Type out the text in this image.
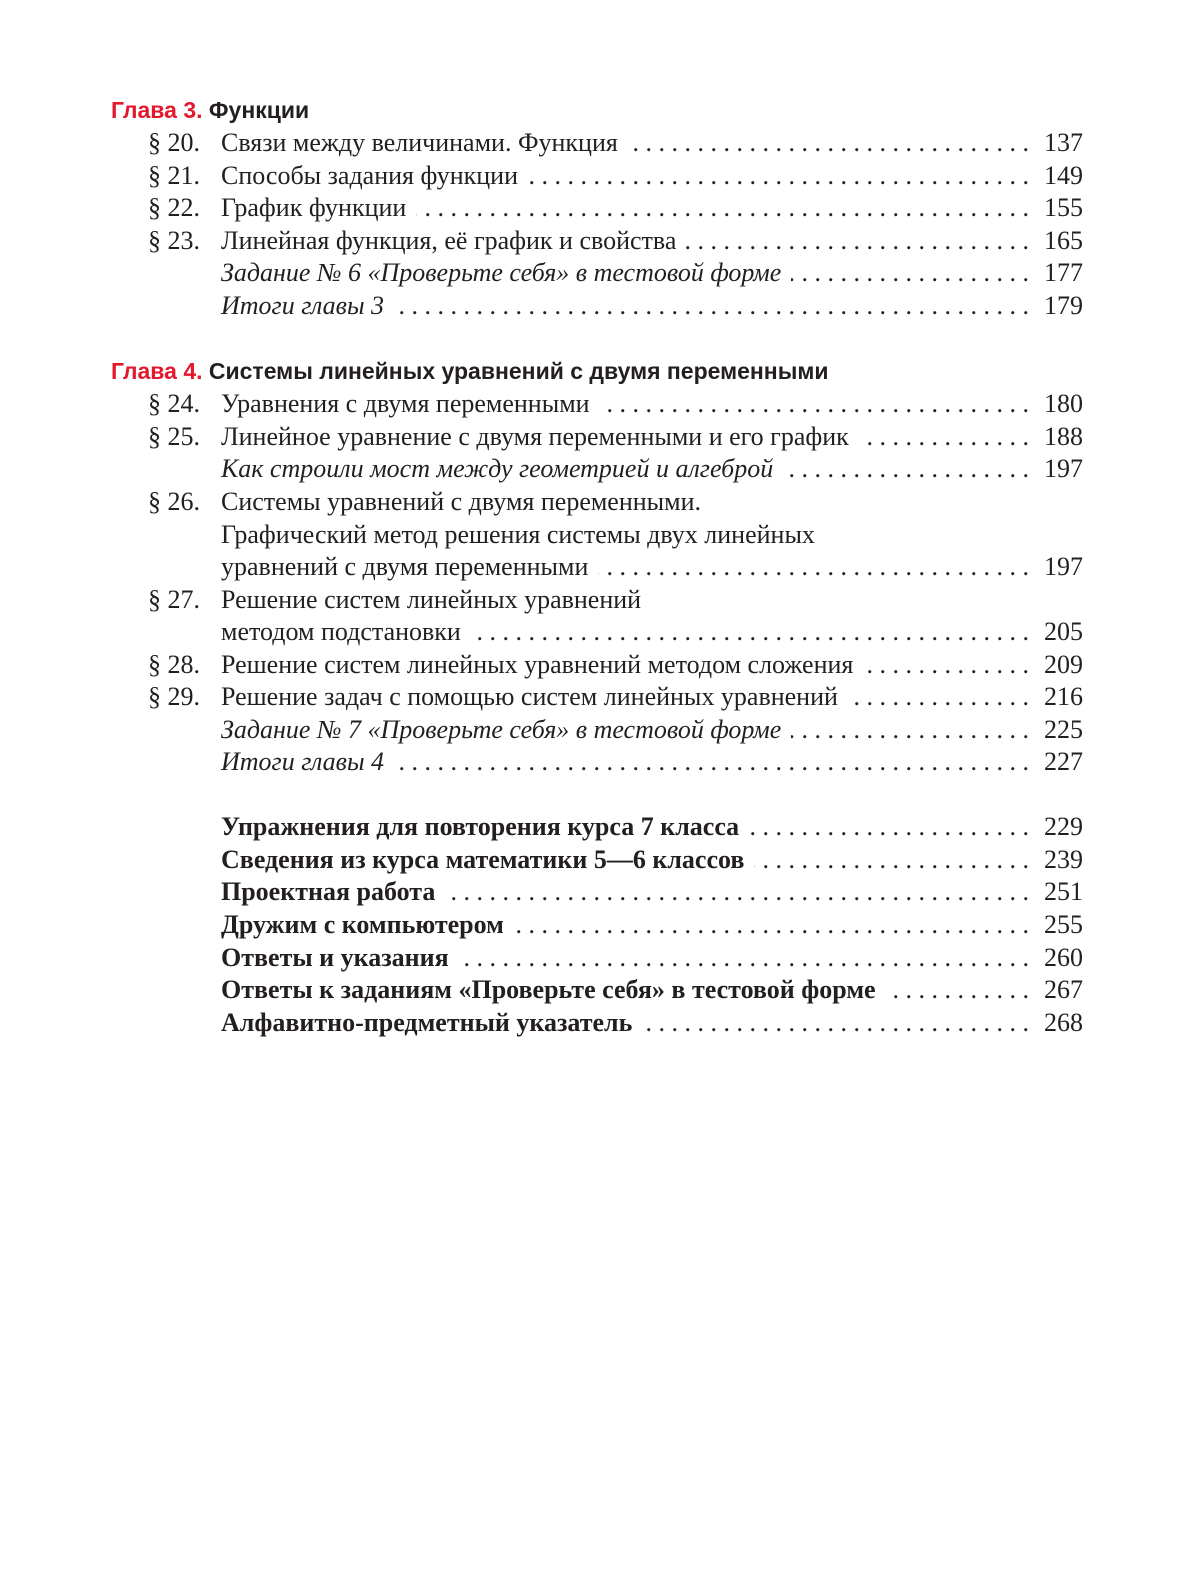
Глава 3. Функции
§ 20. Связи между величинами. Функция
. . .	137
§ 21. Способы задания функции
. . .	149
§ 22. График функции
. . .	155
§ 23. Линейная функция, её график и свойства
. . .	165
Задание № 6 «Проверьте себя» в тестовой форме
. . .	177
Итоги главы 3
. . .	179
Глава 4. Системы линейных уравнений с двумя переменными
§ 24. Уравнения с двумя переменными
. . .	180
§ 25. Линейное уравнение с двумя переменными и его график
. . .	188
Как строили мост между геометрией и алгеброй
. . .	197
§ 26. Системы уравнений с двумя переменными.
Графический метод решения системы двух линейных
уравнений с двумя переменными
. . .	197
§ 27. Решение систем линейных уравнений
методом подстановки
. . .	205
§ 28. Решение систем линейных уравнений методом сложения
. . .	209
§ 29. Решение задач с помощью систем линейных уравнений
. . .	216
Задание № 7 «Проверьте себя» в тестовой форме
. . .	225
Итоги главы 4
. . .	227
Упражнения для повторения курса 7 класса
. . .	229
Сведения из курса математики 5—6 классов
. . .	239
Проектная работа
. . .	251
Дружим с компьютером
. . .	255
Ответы и указания
. . .	260
Ответы к заданиям «Проверьте себя» в тестовой форме
. . .	267
Алфавитно-предметный указатель
. . .	268
